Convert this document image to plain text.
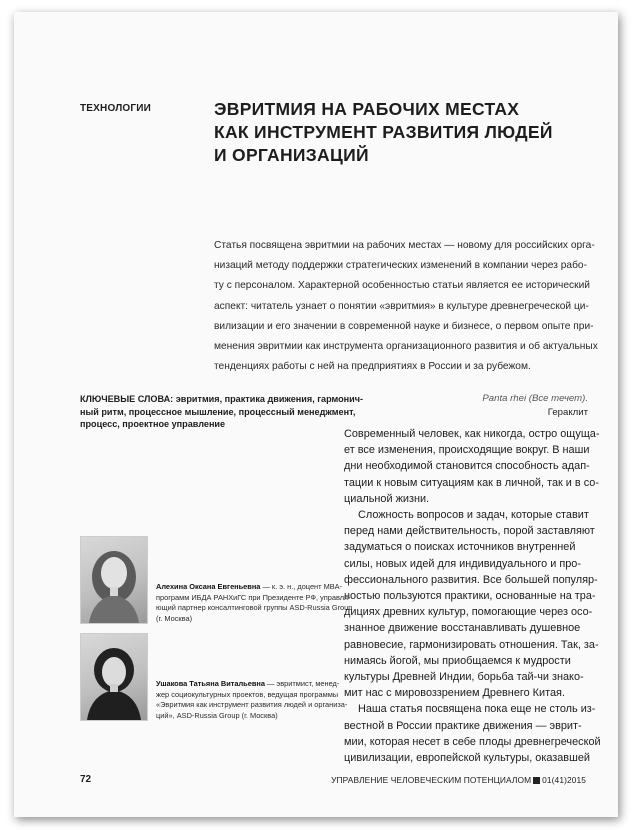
ТЕХНОЛОГИИ	ЭВРИТМИЯ НА РАБОЧИХ МЕСТАХ
КАК ИНСТРУМЕНТ РАЗВИТИЯ ЛЮДЕЙ
И ОРГАНИЗАЦИЙ
Статья посвящена эвритмии на рабочих местах — новому для российских орга-
низаций методу поддержки стратегических изменений в компании через рабо-
ту с персоналом. Характерной особенностью статьи является ее исторический
аспект: читатель узнает о понятии «эвритмия» в культуре древнегреческой ци-
вилизации и его значении в современной науке и бизнесе, о первом опыте при-
менения эвритмии как инструмента организационного развития и об актуальных
тенденциях работы с ней на предприятиях в России и за рубежом.
КЛЮЧЕВЫЕ СЛОВА: эвритмия, практика движения, гармонич-
ный ритм, процессное мышление, процессный менеджмент,
процесс, проектное управление
Panta rhei (Все течет).
Гераклит
Современный человек, как никогда, остро ощуща-
ет все изменения, происходящие вокруг. В наши
дни необходимой становится способность адап-
тации к новым ситуациям как в личной, так и в со-
циальной жизни.
Сложность вопросов и задач, которые ставит
перед нами действительность, порой заставляют
задуматься о поисках источников внутренней
силы, новых идей для индивидуального и про-
фессионального развития. Все большей популяр-
ностью пользуются практики, основанные на тра-
дициях древних культур, помогающие через осо-
знанное движение восстанавливать душевное
равновесие, гармонизировать отношения. Так, за-
нимаясь йогой, мы приобщаемся к мудрости
культуры Древней Индии, борьба тай-чи знако-
мит нас с мировоззрением Древнего Китая.
Наша статья посвящена пока еще не столь из-
вестной в России практике движения — эврит-
мии, которая несет в себе плоды древнегреческой
цивилизации, европейской культуры, оказавшей
Алехина Оксана Евгеньевна — к. э. н., доцент MBA-
программ ИБДА РАНХиГС при Президенте РФ, управля-
ющий партнер консалтинговой группы ASD-Russia Group
(г. Москва)
Ушакова Татьяна Витальевна — эвритмист, менед-
жер социокультурных проектов, ведущая программы
«Эвритмия как инструмент развития людей и организа-
ций», ASD-Russia Group (г. Москва)
72	УПРАВЛЕНИЕ ЧЕЛОВЕЧЕСКИМ ПОТЕНЦИАЛОМ 01(41)2015
